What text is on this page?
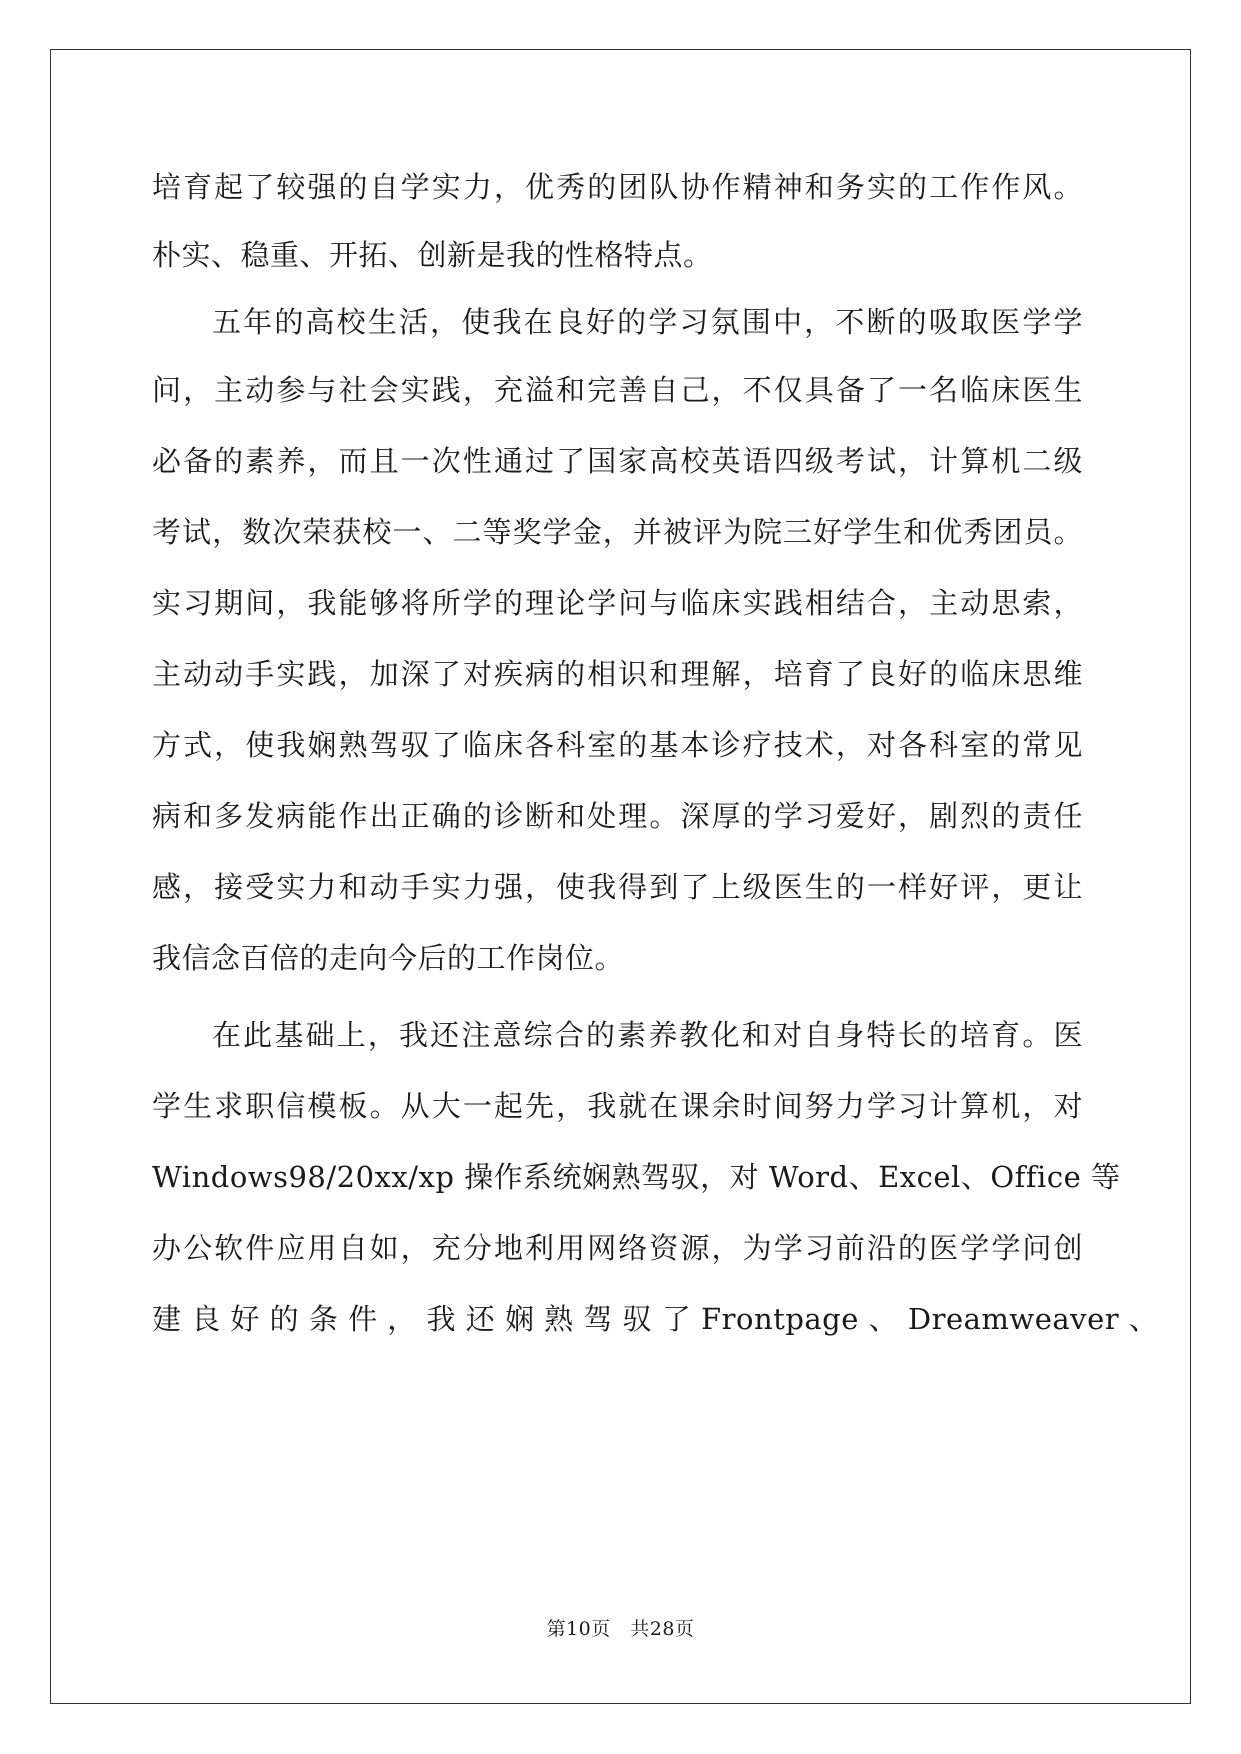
培育起了较强的自学实力，优秀的团队协作精神和务实的工作作风。
朴实、稳重、开拓、创新是我的性格特点。
五年的高校生活，使我在良好的学习氛围中，不断的吸取医学学
问，主动参与社会实践，充溢和完善自己，不仅具备了一名临床医生
必备的素养，而且一次性通过了国家高校英语四级考试，计算机二级
考试，数次荣获校一、二等奖学金，并被评为院三好学生和优秀团员。
实习期间，我能够将所学的理论学问与临床实践相结合，主动思索，
主动动手实践，加深了对疾病的相识和理解，培育了良好的临床思维
方式，使我娴熟驾驭了临床各科室的基本诊疗技术，对各科室的常见
病和多发病能作出正确的诊断和处理。深厚的学习爱好，剧烈的责任
感，接受实力和动手实力强，使我得到了上级医生的一样好评，更让
我信念百倍的走向今后的工作岗位。
在此基础上，我还注意综合的素养教化和对自身特长的培育。医
学生求职信模板。从大一起先，我就在课余时间努力学习计算机，对
Windows98/20xx/xp 操作系统娴熟驾驭，对 Word、Excel、Office 等
办公软件应用自如，充分地利用网络资源，为学习前沿的医学学问创
建 良 好 的 条 件 ， 我 还 娴 熟 驾 驭 了 Frontpage 、 Dreamweaver 、
第10页　共28页
